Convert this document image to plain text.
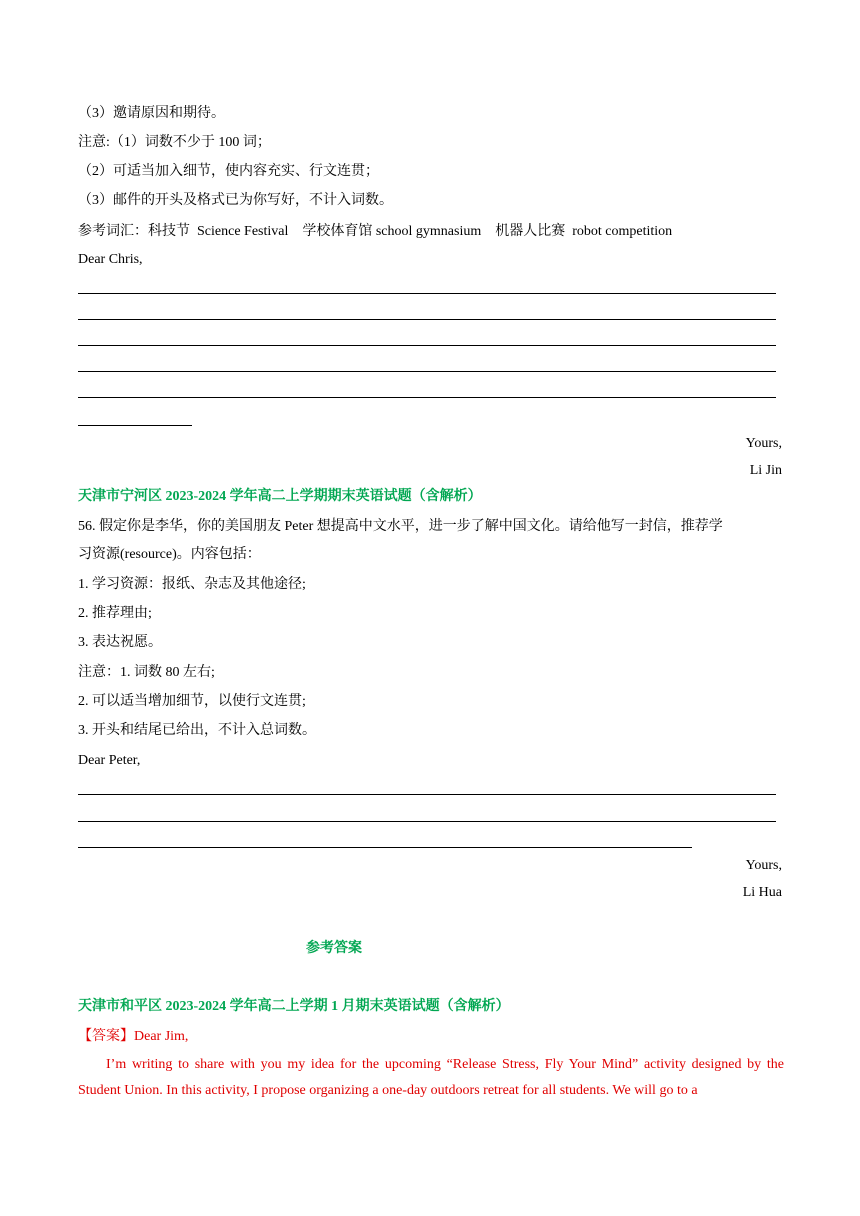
（3）邀请原因和期待。
注意:（1）词数不少于 100 词；
（2）可适当加入细节，使内容充实、行文连贯；
（3）邮件的开头及格式已为你写好，不计入词数。
参考词汇：科技节  Science Festival    学校体育馆 school gymnasium    机器人比赛  robot competition
Dear Chris,
Yours,
Li Jin
天津市宁河区 2023-2024 学年高二上学期期末英语试题（含解析）
56. 假定你是李华，你的美国朋友 Peter 想提高中文水平，进一步了解中国文化。请给他写一封信，推荐学
习资源(resource)。内容包括：
1. 学习资源：报纸、杂志及其他途径;
2. 推荐理由;
3. 表达祝愿。
注意：1. 词数 80 左右;
2. 可以适当增加细节，以使行文连贯;
3. 开头和结尾已给出，不计入总词数。
Dear Peter,
Yours,
Li Hua
参考答案
天津市和平区 2023-2024 学年高二上学期 1 月期末英语试题（含解析）
【答案】Dear Jim,
I’m writing to share with you my idea for the upcoming “Release Stress, Fly Your Mind” activity designed by the Student Union. In this activity, I propose organizing a one-day outdoors retreat for all students. We will go to a
